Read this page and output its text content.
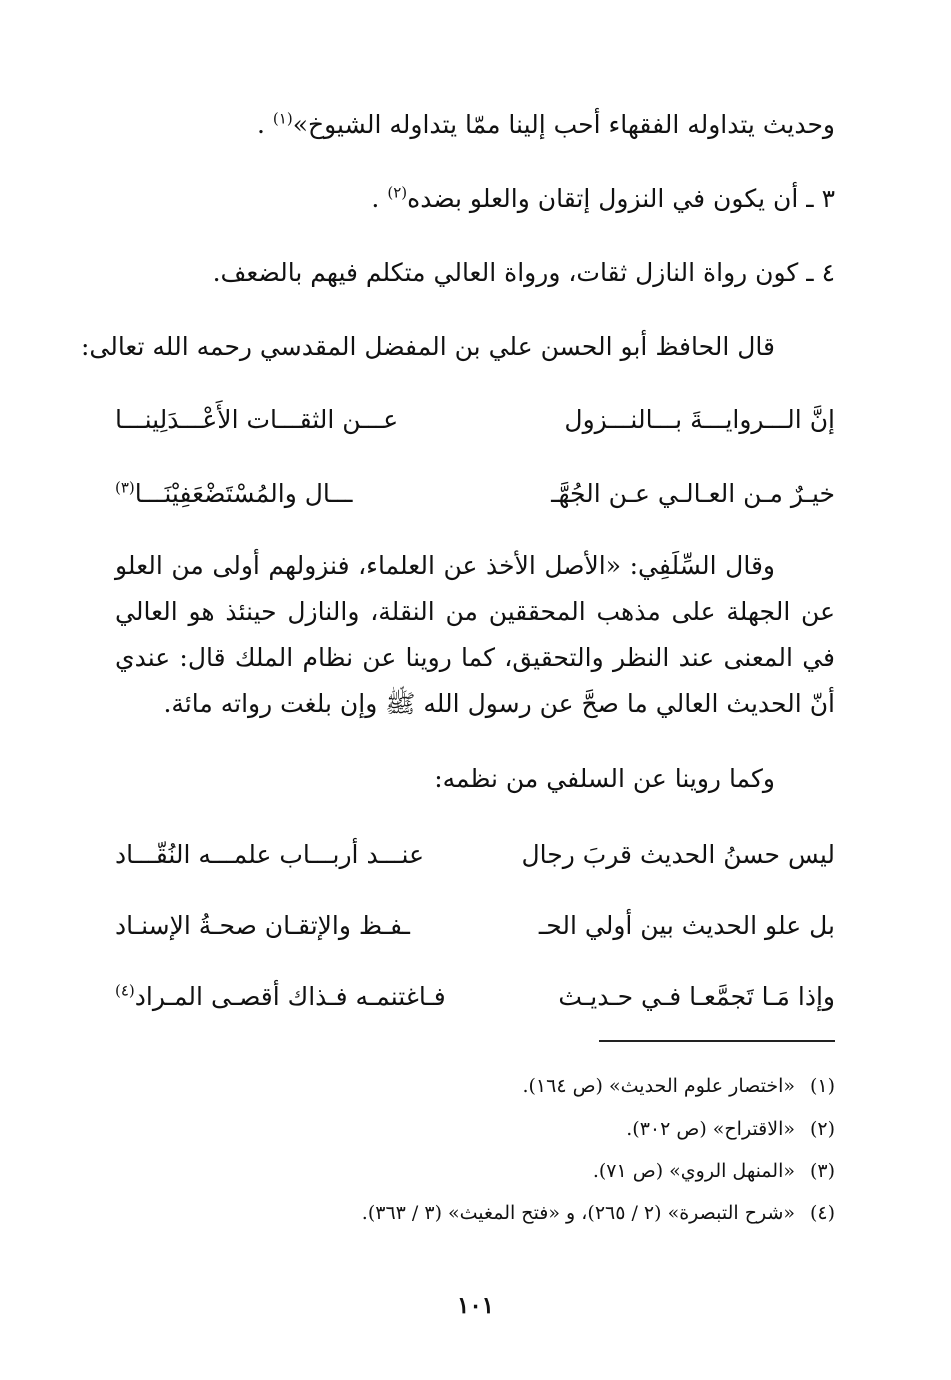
وحديث يتداوله الفقهاء أحب إلينا ممّا يتداوله الشيوخ»$^{(١)}$ .
٣ ـ أن يكون في النزول إتقان والعلو بضده$^{(٢)}$ .
٤ ـ كون رواة النازل ثقات، ورواة العالي متكلم فيهم بالضعف.
قال الحافظ أبو الحسن علي بن المفضل المقدسي رحمه الله تعالى:
إنَّ الـــروايـــةَ بـــالنـــزول
عـــن الثقـــات الأَعْـــدَلِينـــا
خيـرٌ مـن العـالـي عـن الجُهَّـ
ـــال والمُسْتَضْعَفِيْنَـــا$^{(٣)}$
وقال السِّلَفِي: «الأصل الأخذ عن العلماء، فنزولهم أولى من العلو عن الجهلة على مذهب المحققين من النقلة، والنازل حينئذ هو العالي في المعنى عند النظر والتحقيق، كما روينا عن نظام الملك قال: عندي أنّ الحديث العالي ما صحَّ عن رسول الله ﷺ وإن بلغت رواته مائة.
وكما روينا عن السلفي من نظمه:
ليس حسنُ الحديث قربَ رجال
عنـــد أربـــاب علمـــه النُقّـــاد
بل علو الحديث بين أولي الحـ
ـفـظ والإتقـان صحـةُ الإسنـاد
وإذا مَـا تَجمَّعـا فـي حـديـث
فـاغتنمـه فـذاك أقصـى المـراد$^{(٤)}$
(١)«اختصار علوم الحديث» (ص ١٦٤).
(٢)«الاقتراح» (ص ٣٠٢).
(٣)«المنهل الروي» (ص ٧١).
(٤)«شرح التبصرة» (٢ / ٢٦٥)، و «فتح المغيث» (٣ / ٣٦٣).
١٠١
